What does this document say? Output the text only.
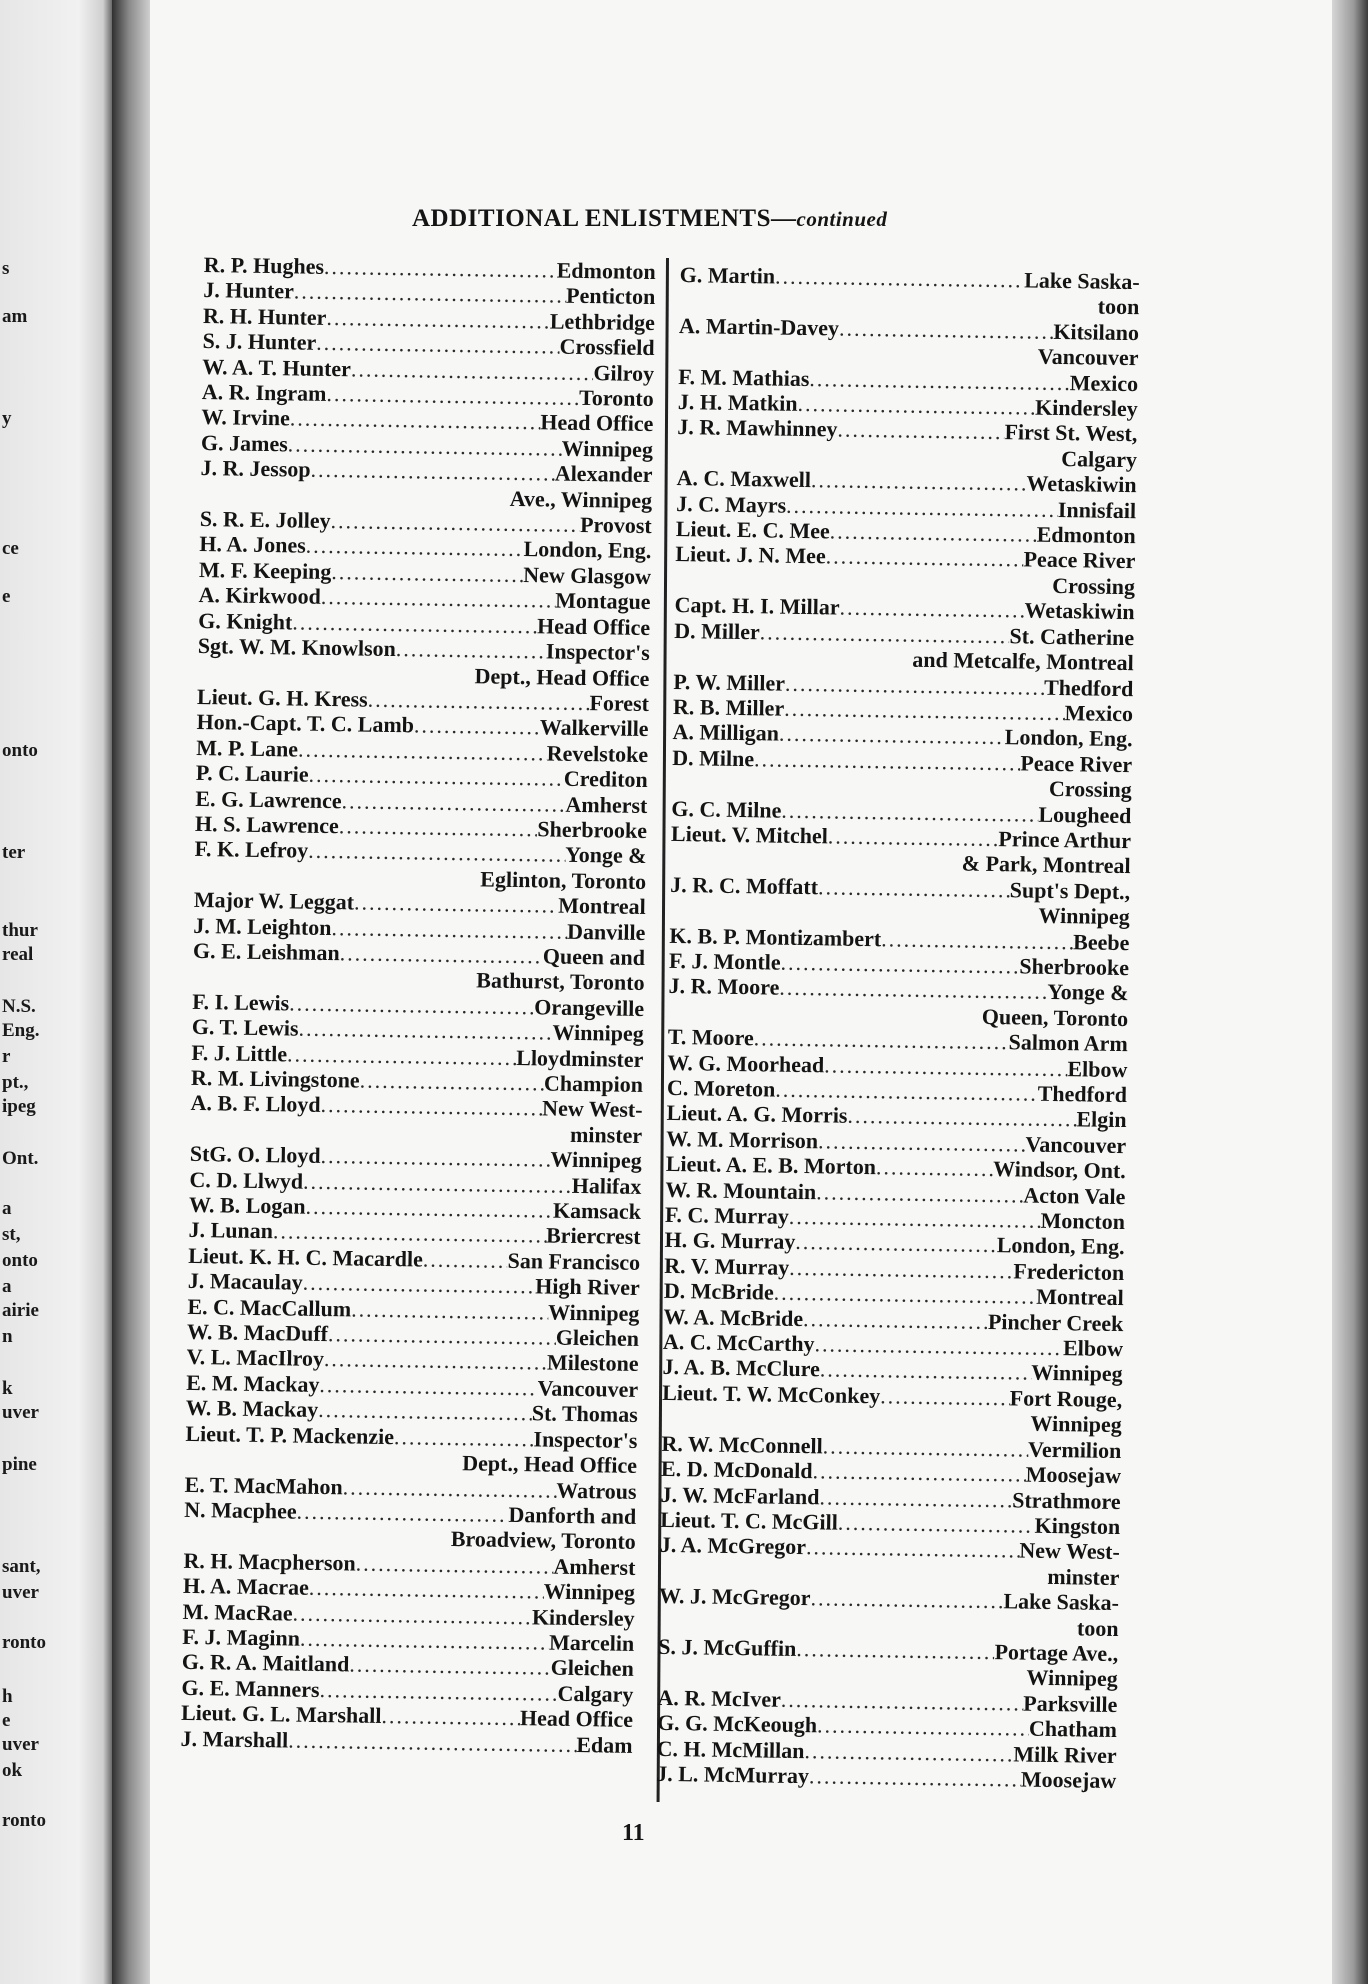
s
am
y
ce
e
onto
ter
thur
real
N.S.
Eng.
r
pt.,
ipeg
Ont.
a
st,
onto
a
airie
n
k
uver
pine
sant,
uver
ronto
h
e
uver
ok
ronto
ADDITIONAL ENLISTMENTS—continued
R. P. Hughes .....	Edmonton
J. Hunter .....	Penticton
R. H. Hunter .....	Lethbridge
S. J. Hunter .....	Crossfield
W. A. T. Hunter .....	Gilroy
A. R. Ingram .....	Toronto
W. Irvine .....	Head Office
G. James .....	Winnipeg
J. R. Jessop .....	Alexander
Ave., Winnipeg
S. R. E. Jolley .....	Provost
H. A. Jones .....	London, Eng.
M. F. Keeping .....	New Glasgow
A. Kirkwood .....	Montague
G. Knight .....	Head Office
Sgt. W. M. Knowlson .....	Inspector's
Dept., Head Office
Lieut. G. H. Kress .....	Forest
Hon.-Capt. T. C. Lamb .....	Walkerville
M. P. Lane .....	Revelstoke
P. C. Laurie .....	Crediton
E. G. Lawrence .....	Amherst
H. S. Lawrence .....	Sherbrooke
F. K. Lefroy .....	Yonge &
Eglinton, Toronto
Major W. Leggat .....	Montreal
J. M. Leighton .....	Danville
G. E. Leishman .....	Queen and
Bathurst, Toronto
F. I. Lewis .....	Orangeville
G. T. Lewis .....	Winnipeg
F. J. Little .....	Lloydminster
R. M. Livingstone .....	Champion
A. B. F. Lloyd .....	New West-
minster
StG. O. Lloyd .....	Winnipeg
C. D. Llwyd .....	Halifax
W. B. Logan .....	Kamsack
J. Lunan .....	Briercrest
Lieut. K. H. C. Macardle .....	San Francisco
J. Macaulay .....	High River
E. C. MacCallum .....	Winnipeg
W. B. MacDuff .....	Gleichen
V. L. MacIlroy .....	Milestone
E. M. Mackay .....	Vancouver
W. B. Mackay .....	St. Thomas
Lieut. T. P. Mackenzie .....	Inspector's
Dept., Head Office
E. T. MacMahon .....	Watrous
N. Macphee .....	Danforth and
Broadview, Toronto
R. H. Macpherson .....	Amherst
H. A. Macrae .....	Winnipeg
M. MacRae .....	Kindersley
F. J. Maginn .....	Marcelin
G. R. A. Maitland .....	Gleichen
G. E. Manners .....	Calgary
Lieut. G. L. Marshall .....	Head Office
J. Marshall .....	Edam
G. Martin .....	Lake Saska-
toon
A. Martin-Davey .....	Kitsilano
Vancouver
F. M. Mathias .....	Mexico
J. H. Matkin .....	Kindersley
J. R. Mawhinney .....	First St. West,
Calgary
A. C. Maxwell .....	Wetaskiwin
J. C. Mayrs .....	Innisfail
Lieut. E. C. Mee .....	Edmonton
Lieut. J. N. Mee .....	Peace River
Crossing
Capt. H. I. Millar .....	Wetaskiwin
D. Miller .....	St. Catherine
and Metcalfe, Montreal
P. W. Miller .....	Thedford
R. B. Miller .....	Mexico
A. Milligan .....	London, Eng.
D. Milne .....	Peace River
Crossing
G. C. Milne .....	Lougheed
Lieut. V. Mitchel .....	Prince Arthur
& Park, Montreal
J. R. C. Moffatt .....	Supt's Dept.,
Winnipeg
K. B. P. Montizambert .....	Beebe
F. J. Montle .....	Sherbrooke
J. R. Moore .....	Yonge &
Queen, Toronto
T. Moore .....	Salmon Arm
W. G. Moorhead .....	Elbow
C. Moreton .....	Thedford
Lieut. A. G. Morris .....	Elgin
W. M. Morrison .....	Vancouver
Lieut. A. E. B. Morton .....	Windsor, Ont.
W. R. Mountain .....	Acton Vale
F. C. Murray .....	Moncton
H. G. Murray .....	London, Eng.
R. V. Murray .....	Fredericton
D. McBride .....	Montreal
W. A. McBride .....	Pincher Creek
A. C. McCarthy .....	Elbow
J. A. B. McClure .....	Winnipeg
Lieut. T. W. McConkey .....	Fort Rouge,
Winnipeg
R. W. McConnell .....	Vermilion
E. D. McDonald .....	Moosejaw
J. W. McFarland .....	Strathmore
Lieut. T. C. McGill .....	Kingston
J. A. McGregor .....	New West-
minster
W. J. McGregor .....	Lake Saska-
toon
S. J. McGuffin .....	Portage Ave.,
Winnipeg
A. R. McIver .....	Parksville
G. G. McKeough .....	Chatham
C. H. McMillan .....	Milk River
J. L. McMurray .....	Moosejaw
11
